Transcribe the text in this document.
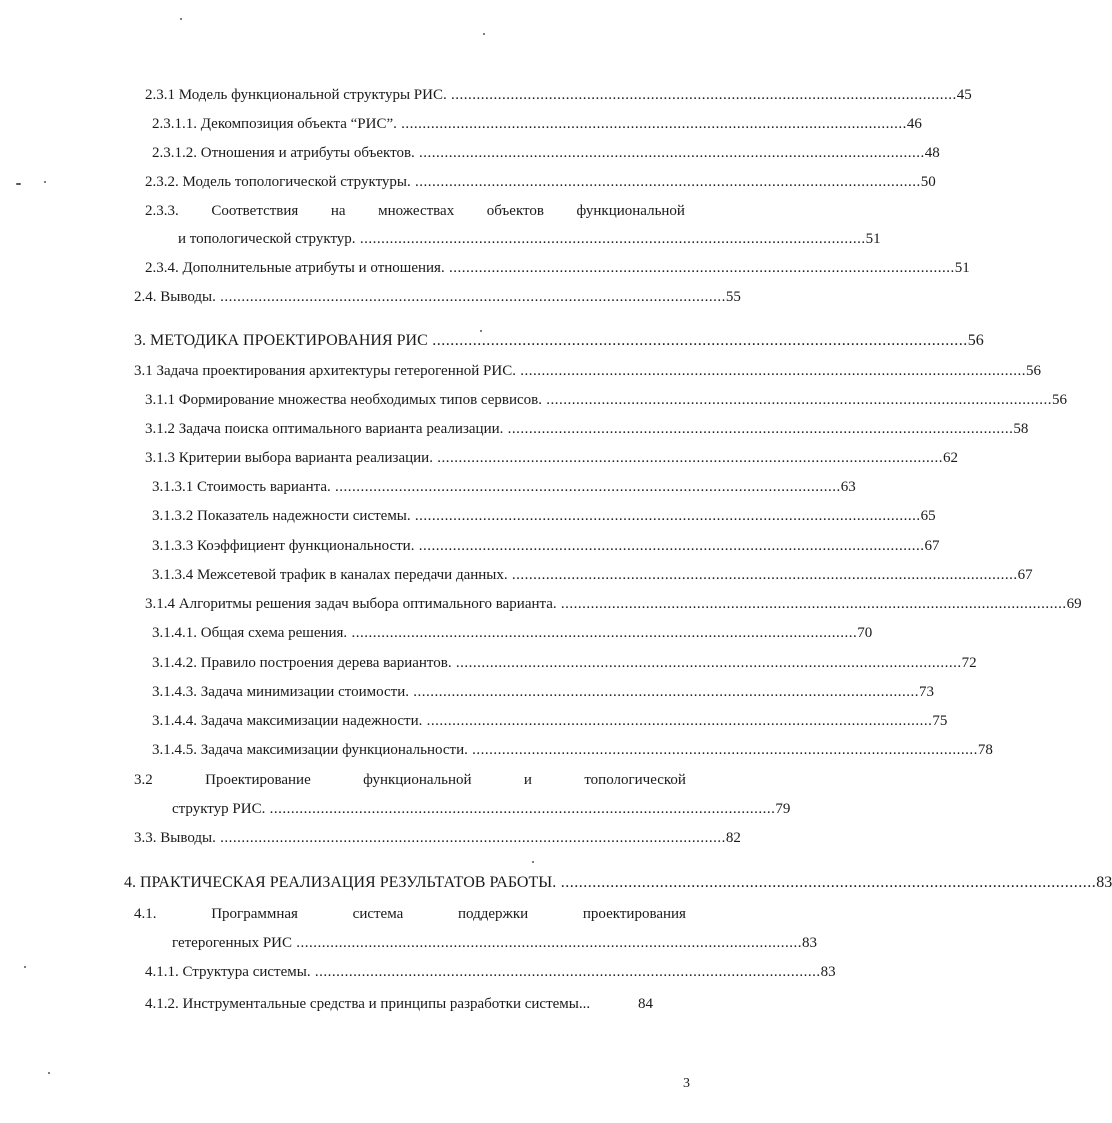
2.3.1 Модель функциональной структуры РИС. ....................................................................................................................... 45
2.3.1.1. Декомпозиция объекта “РИС”. ....................................................................................................................... 46
2.3.1.2. Отношения и атрибуты объектов. ....................................................................................................................... 48
2.3.2. Модель топологической структуры. ....................................................................................................................... 50
2.3.3. Соответствия на множествах объектов функциональной
и топологической структур. ....................................................................................................................... 51
2.3.4. Дополнительные атрибуты и отношения. ....................................................................................................................... 51
2.4. Выводы. ....................................................................................................................... 55
3. МЕТОДИКА ПРОЕКТИРОВАНИЯ РИС ....................................................................................................................... 56
3.1 Задача проектирования архитектуры гетерогенной РИС. ....................................................................................................................... 56
3.1.1 Формирование множества необходимых типов сервисов. ....................................................................................................................... 56
3.1.2 Задача поиска оптимального варианта реализации. ....................................................................................................................... 58
3.1.3 Критерии выбора варианта реализации. ....................................................................................................................... 62
3.1.3.1 Стоимость варианта. ....................................................................................................................... 63
3.1.3.2 Показатель надежности системы. ....................................................................................................................... 65
3.1.3.3 Коэффициент функциональности. ....................................................................................................................... 67
3.1.3.4 Межсетевой трафик в каналах передачи данных. ....................................................................................................................... 67
3.1.4 Алгоритмы решения задач выбора оптимального варианта. ....................................................................................................................... 69
3.1.4.1. Общая схема решения. ....................................................................................................................... 70
3.1.4.2. Правило построения дерева вариантов. ....................................................................................................................... 72
3.1.4.3. Задача минимизации стоимости. ....................................................................................................................... 73
3.1.4.4. Задача максимизации надежности. ....................................................................................................................... 75
3.1.4.5. Задача максимизации функциональности. ....................................................................................................................... 78
3.2	Проектирование	функциональной	и	топологической
структур РИС. ....................................................................................................................... 79
3.3. Выводы. ....................................................................................................................... 82
4. ПРАКТИЧЕСКАЯ РЕАЛИЗАЦИЯ РЕЗУЛЬТАТОВ РАБОТЫ. ....................................................................................................................... 83
4.1.	Программная	система	поддержки	проектирования
гетерогенных РИС ....................................................................................................................... 83
4.1.1. Структура системы. ....................................................................................................................... 83
4.1.2. Инструментальные средства и принципы разработки системы...	84
3
